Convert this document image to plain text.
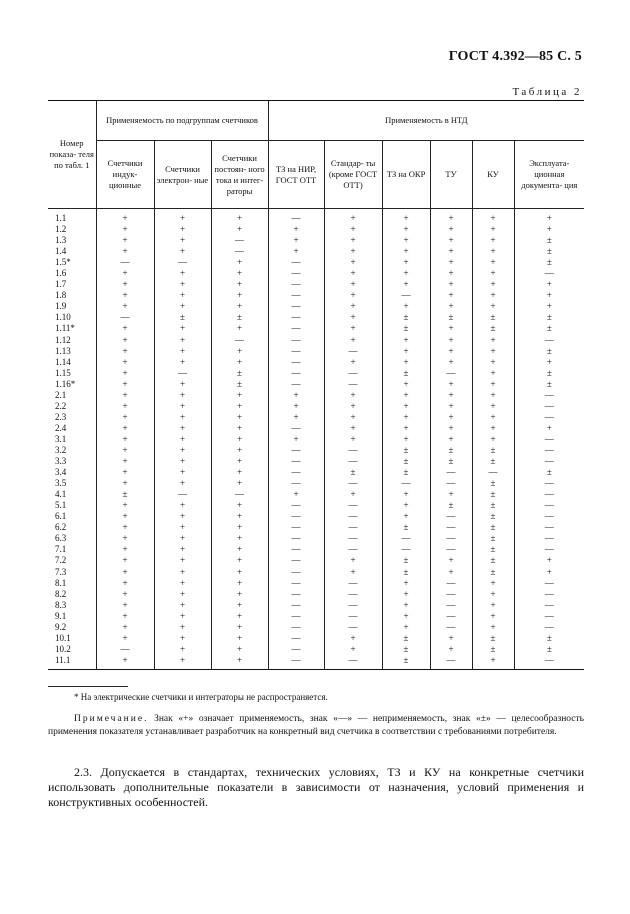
ГОСТ 4.392—85 С. 5
Таблица 2
Номер показа- теля по табл. 1	Применяемость по подгруппам счетчиков			Применяемость в НТД					
	Счетчики индук- ционные	Счетчики электрон- ные	Счетчики постоян- ного тока и интег- раторы	ТЗ на НИР, ГОСТ ОТТ	Стандар- ты (кроме ГОСТ ОТТ)	ТЗ на ОКР	ТУ	КУ	Эксплуата- ционная документа- ция
1.1	+	+	+	—	+	+	+	+	+
1.2	+	+	+	+	+	+	+	+	+
1.3	+	+	—	+	+	+	+	+	±
1.4	+	+	—	+	+	+	+	+	±
1.5*	—	—	+	—	+	+	+	+	±
1.6	+	+	+	—	+	+	+	+	—
1.7	+	+	+	—	+	+	+	+	+
1.8	+	+	+	—	+	—	+	+	+
1.9	+	+	+	—	+	+	+	+	+
1.10	—	±	±	—	+	±	±	±	±
1.11*	+	+	+	—	+	±	+	±	±
1.12	+	+	—	—	+	+	+	+	—
1.13	+	+	+	—	—	+	+	+	±
1.14	+	+	+	—	+	+	+	+	+
1.15	+	—	±	—	—	±	—	+	±
1.16*	+	+	±	—	—	+	+	+	±
2.1	+	+	+	+	+	+	+	+	—
2.2	+	+	+	+	+	+	+	+	—
2.3	+	+	+	+	+	+	+	+	—
2.4	+	+	+	—	+	+	+	+	+
3.1	+	+	+	+	+	+	+	+	—
3.2	+	+	+	—	—	±	±	±	—
3.3	+	+	+	—	—	±	±	±	—
3.4	+	+	+	—	±	±	—	—	±
3.5	+	+	+	—	—	—	—	±	—
4.1	±	—	—	+	+	+	+	±	—
5.1	+	+	+	—	—	+	±	±	—
6.1	+	+	+	—	—	+	—	±	—
6.2	+	+	+	—	—	±	—	±	—
6.3	+	+	+	—	—	—	—	±	—
7.1	+	+	+	—	—	—	—	±	—
7.2	+	+	+	—	+	±	+	±	+
7.3	+	+	+	—	+	±	+	±	+
8.1	+	+	+	—	—	+	—	+	—
8.2	+	+	+	—	—	+	—	+	—
8.3	+	+	+	—	—	+	—	+	—
9.1	+	+	+	—	—	+	—	+	—
9.2	+	+	+	—	—	+	—	+	—
10.1	+	+	+	—	+	±	+	±	±
10.2	—	+	+	—	+	±	+	±	±
11.1	+	+	+	—	—	±	—	+	—
* На электрические счетчики и интеграторы не распространяется.
Примечание. Знак «+» означает применяемость, знак «—» — неприменяемость, знак «±» — целесообразность применения показателя устанавливает разработчик на конкретный вид счетчика в соответствии с требованиями потребителя.
2.3. Допускается в стандартах, технических условиях, ТЗ и КУ на конкретные счетчики использовать дополнительные показатели в зависимости от назначения, условий применения и конструктивных особенностей.
